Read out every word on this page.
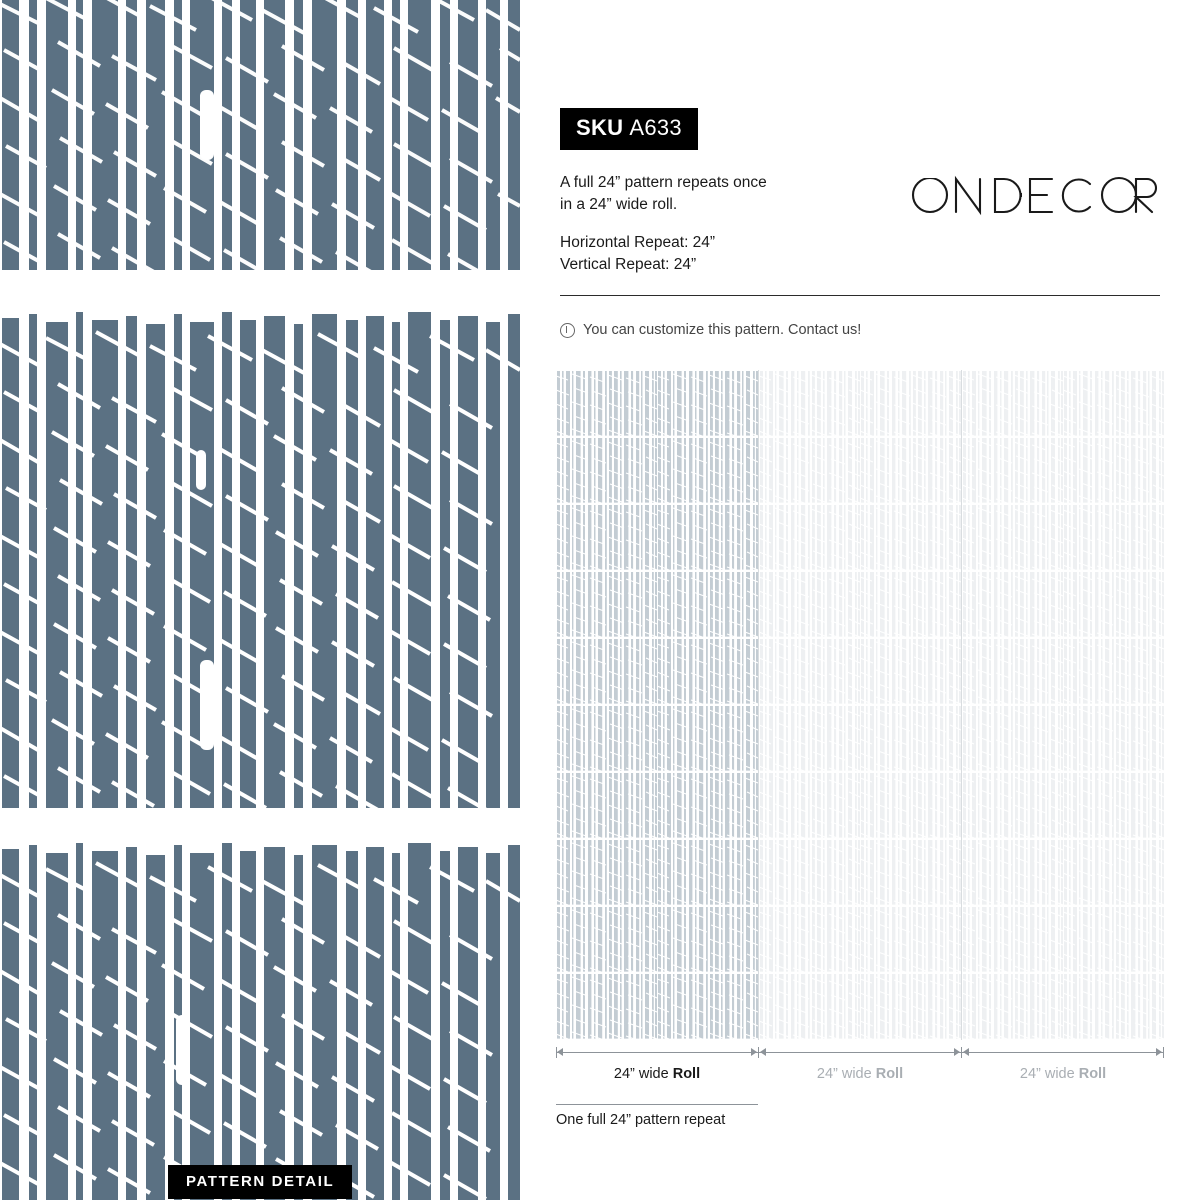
PATTERN DETAIL
SKU A633
A full 24” pattern repeats once
in a 24” wide roll.
Horizontal Repeat: 24”
Vertical Repeat: 24”
You can customize this pattern. Contact us!
24” wide Roll	24” wide Roll	24” wide Roll
One full 24” pattern repeat
